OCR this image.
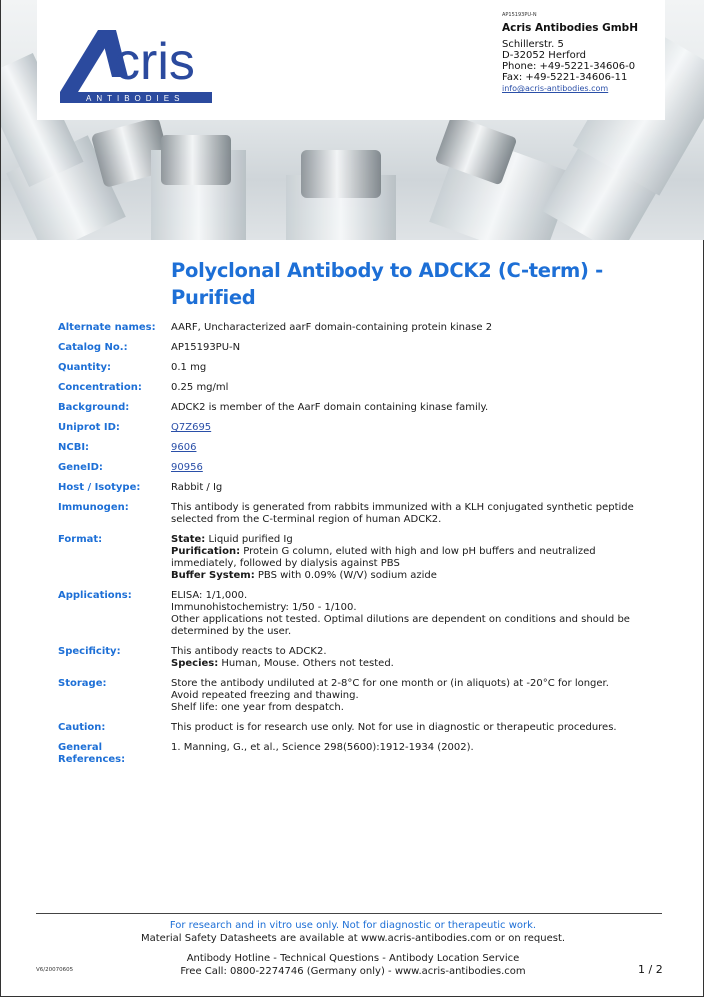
cris
ANTIBODIES
AP15193PU-N
Acris Antibodies GmbH
Schillerstr. 5
D-32052 Herford
Phone: +49-5221-34606-0
Fax: +49-5221-34606-11
info@acris-antibodies.com
Polyclonal Antibody to ADCK2 (C-term) - Purified
Alternate names:	AARF, Uncharacterized aarF domain-containing protein kinase 2
Catalog No.:	AP15193PU-N
Quantity:	0.1 mg
Concentration:	0.25 mg/ml
Background:	ADCK2 is member of the AarF domain containing kinase family.
Uniprot ID:	Q7Z695
NCBI:	9606
GeneID:	90956
Host / Isotype:	Rabbit / Ig
Immunogen:	This antibody is generated from rabbits immunized with a KLH conjugated synthetic peptide
selected from the C-terminal region of human ADCK2.
Format:	State: Liquid purified Ig
Purification: Protein G column, eluted with high and low pH buffers and neutralized
immediately, followed by dialysis against PBS
Buffer System: PBS with 0.09% (W/V) sodium azide
Applications:	ELISA: 1/1,000.
Immunohistochemistry: 1/50 - 1/100.
Other applications not tested. Optimal dilutions are dependent on conditions and should be
determined by the user.
Specificity:	This antibody reacts to ADCK2.
Species: Human, Mouse. Others not tested.
Storage:	Store the antibody undiluted at 2-8°C for one month or (in aliquots) at -20°C for longer.
Avoid repeated freezing and thawing.
Shelf life: one year from despatch.
Caution:	This product is for research use only. Not for use in diagnostic or therapeutic procedures.
General References:
1. Manning, G., et al., Science 298(5600):1912-1934 (2002).
For research and in vitro use only. Not for diagnostic or therapeutic work.
Material Safety Datasheets are available at www.acris-antibodies.com or on request.
Antibody Hotline - Technical Questions - Antibody Location Service
Free Call: 0800-2274746 (Germany only) - www.acris-antibodies.com
V6/20070605	1 / 2
